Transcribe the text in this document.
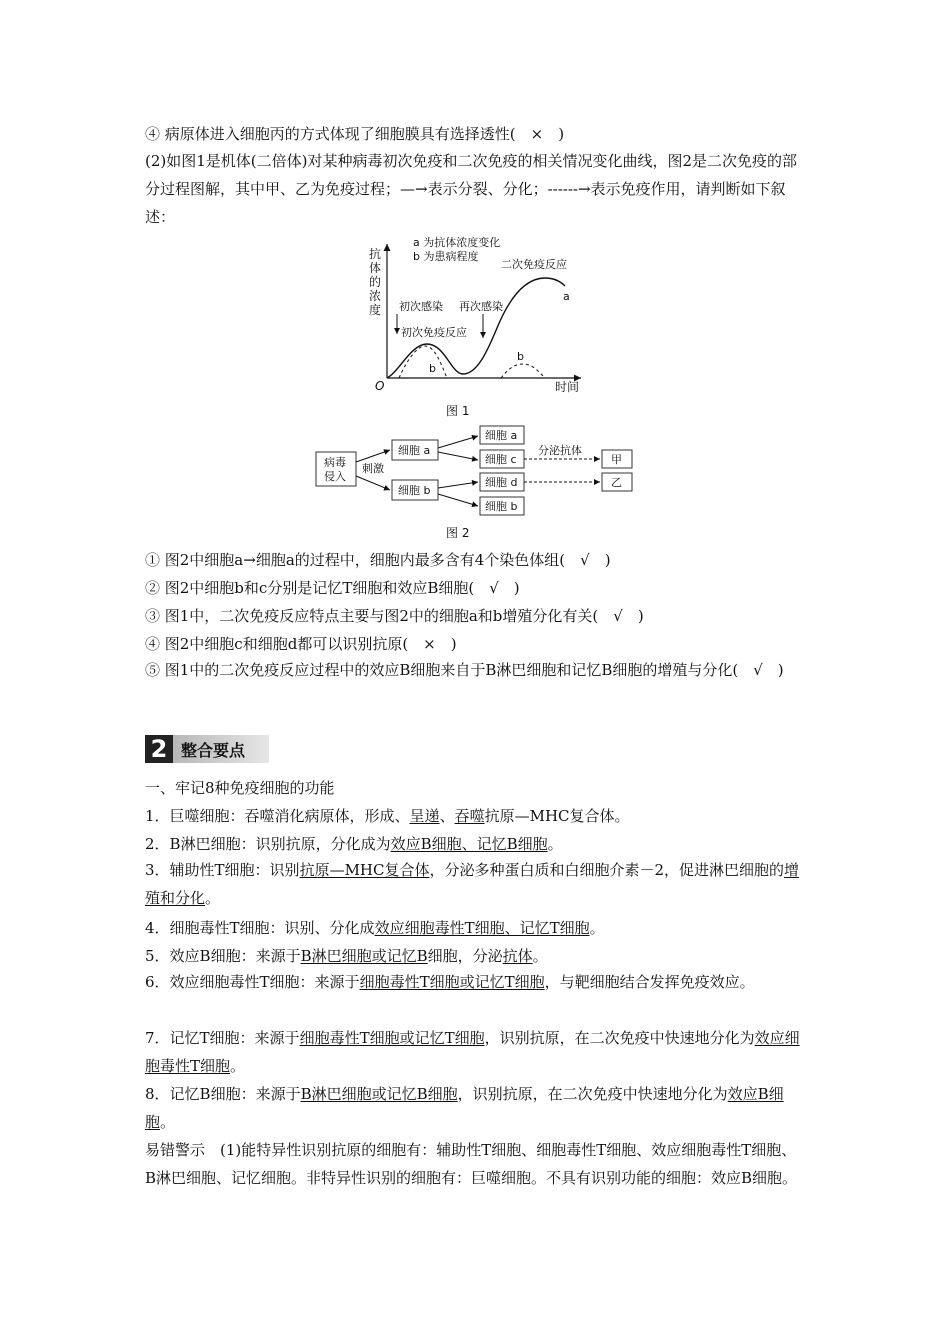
④ 病原体进入细胞丙的方式体现了细胞膜具有选择透性(　×　)
(2)如图1是机体(二倍体)对某种病毒初次免疫和二次免疫的相关情况变化曲线，图2是二次免疫的部分过程图解，其中甲、乙为免疫过程；—→表示分裂、分化；------→表示免疫作用，请判断如下叙述：
抗
体
的
浓
度
O	时间
a 为抗体浓度变化
b 为患病程度
初次感染
初次免疫反应
再次感染
二次免疫反应
a
b
b
图 1
病毒
侵入
刺激
细胞 a
细胞 b
细胞 a
细胞 c
细胞 d
细胞 b
分泌抗体
甲
乙
图 2
① 图2中细胞a→细胞a的过程中，细胞内最多含有4个染色体组(　√　)
② 图2中细胞b和c分别是记忆T细胞和效应B细胞(　√　)
③ 图1中，二次免疫反应特点主要与图2中的细胞a和b增殖分化有关(　√　)
④ 图2中细胞c和细胞d都可以识别抗原(　×　)
⑤ 图1中的二次免疫反应过程中的效应B细胞来自于B淋巴细胞和记忆B细胞的增殖与分化(　√　)
2 整合要点
一、牢记8种免疫细胞的功能
1．巨噬细胞：吞噬消化病原体，形成、呈递、吞噬抗原—MHC复合体。
2．B淋巴细胞：识别抗原，分化成为效应B细胞、记忆B细胞。
3．辅助性T细胞：识别抗原—MHC复合体，分泌多种蛋白质和白细胞介素－2，促进淋巴细胞的增殖和分化。
4．细胞毒性T细胞：识别、分化成效应细胞毒性T细胞、记忆T细胞。
5．效应B细胞：来源于B淋巴细胞或记忆B细胞，分泌抗体。
6．效应细胞毒性T细胞：来源于细胞毒性T细胞或记忆T细胞，与靶细胞结合发挥免疫效应。
7．记忆T细胞：来源于细胞毒性T细胞或记忆T细胞，识别抗原，在二次免疫中快速地分化为效应细胞毒性T细胞。
8．记忆B细胞：来源于B淋巴细胞或记忆B细胞，识别抗原，在二次免疫中快速地分化为效应B细胞。
易错警示　(1)能特异性识别抗原的细胞有：辅助性T细胞、细胞毒性T细胞、效应细胞毒性T细胞、B淋巴细胞、记忆细胞。非特异性识别的细胞有：巨噬细胞。不具有识别功能的细胞：效应B细胞。
